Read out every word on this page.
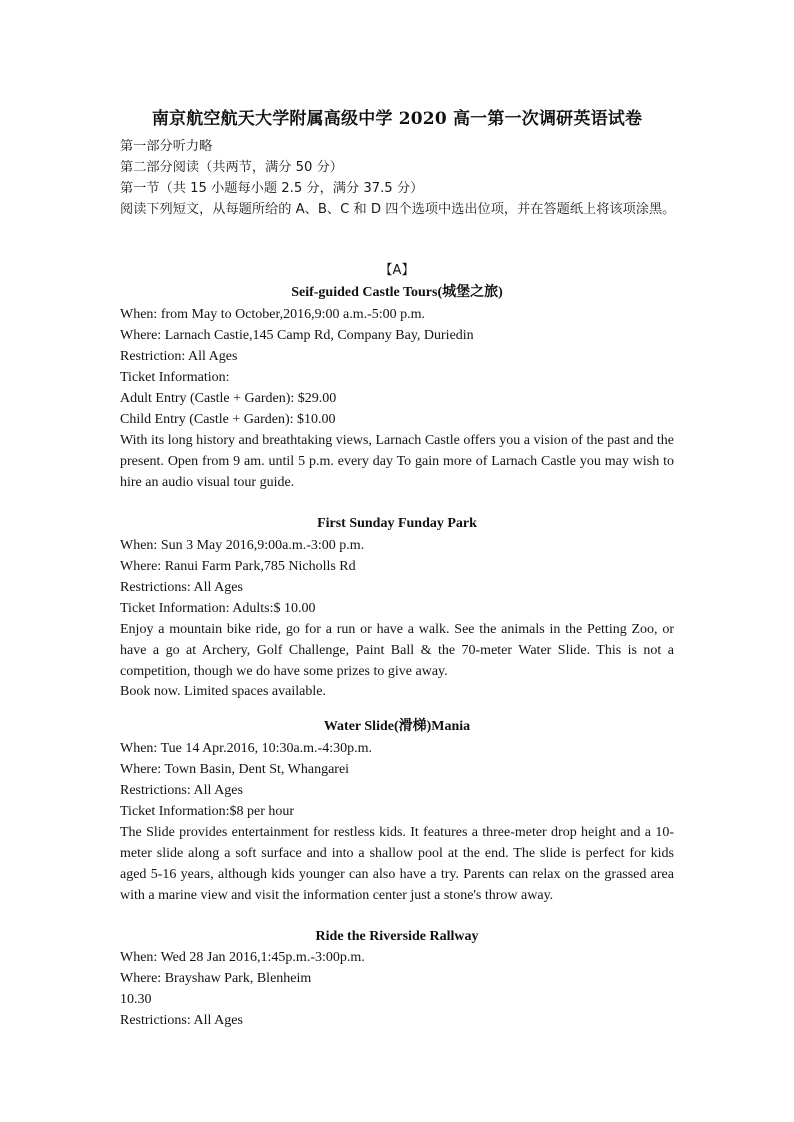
南京航空航天大学附属高级中学 2020 高一第一次调研英语试卷
第一部分听力略
第二部分阅读（共两节，满分 50 分）
第一节（共 15 小题每小题 2.5 分，满分 37.5 分）
阅读下列短文，从每题所给的 A、B、C 和 D 四个选项中选出位项，并在答题纸上将该项涂黑。
【A】
Seif-guided Castle Tours(城堡之旅)
When: from May to October,2016,9:00 a.m.-5:00 p.m.
Where: Larnach Castie,145 Camp Rd, Company Bay, Duriedin
Restriction: All Ages
Ticket Information:
Adult Entry (Castle + Garden): $29.00
Child Entry (Castle + Garden): $10.00
With its long history and breathtaking views, Larnach Castle offers you a vision of the past and the present. Open from 9 am. until 5 p.m. every day To gain more of Larnach Castle you may wish to hire an audio visual tour guide.
First Sunday Funday Park
When: Sun 3 May 2016,9:00a.m.-3:00 p.m.
Where: Ranui Farm Park,785 Nicholls Rd
Restrictions: All Ages
Ticket Information: Adults:$ 10.00
Enjoy a mountain bike ride, go for a run or have a walk. See the animals in the Petting Zoo, or have a go at Archery, Golf Challenge, Paint Ball & the 70-meter Water Slide. This is not a competition, though we do have some prizes to give away.
Book now. Limited spaces available.
Water Slide(滑梯)Mania
When: Tue 14 Apr.2016, 10:30a.m.-4:30p.m.
Where: Town Basin, Dent St, Whangarei
Restrictions: All Ages
Ticket Information:$8 per hour
The Slide provides entertainment for restless kids. It features a three-meter drop height and a 10-meter slide along a soft surface and into a shallow pool at the end. The slide is perfect for kids aged 5-16 years, although kids younger can also have a try. Parents can relax on the grassed area with a marine view and visit the information center just a stone's throw away.
Ride the Riverside Rallway
When: Wed 28 Jan 2016,1:45p.m.-3:00p.m.
Where: Brayshaw Park, Blenheim
10.30
Restrictions: All Ages
